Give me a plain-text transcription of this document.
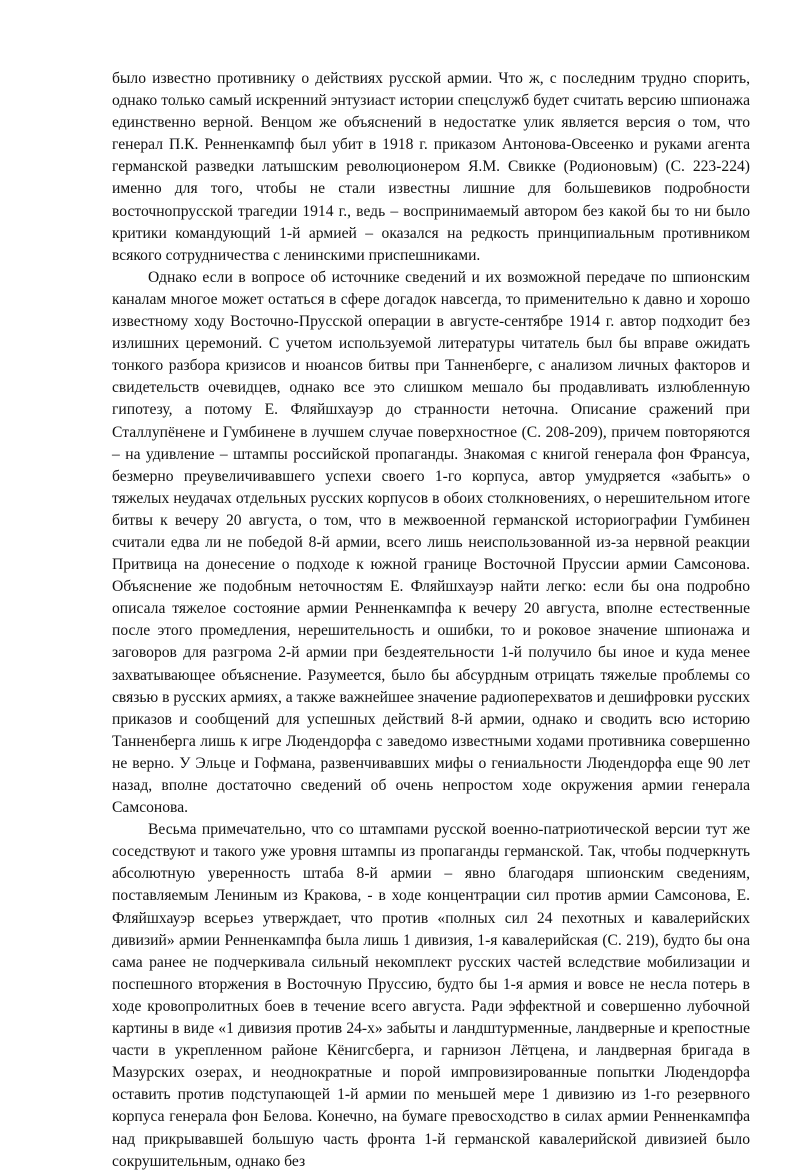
было известно противнику о действиях русской армии. Что ж, с последним трудно спорить, однако только самый искренний энтузиаст истории спецслужб будет считать версию шпионажа единственно верной. Венцом же объяснений в недостатке улик является версия о том, что генерал П.К. Ренненкампф был убит в 1918 г. приказом Антонова-Овсеенко и руками агента германской разведки латышским революционером Я.М. Свикке (Родионовым) (С. 223-224) именно для того, чтобы не стали известны лишние для большевиков подробности восточнопрусской трагедии 1914 г., ведь – воспринимаемый автором без какой бы то ни было критики командующий 1-й армией – оказался на редкость принципиальным противником всякого сотрудничества с ленинскими приспешниками.

Однако если в вопросе об источнике сведений и их возможной передаче по шпионским каналам многое может остаться в сфере догадок навсегда, то применительно к давно и хорошо известному ходу Восточно-Прусской операции в августе-сентябре 1914 г. автор подходит без излишних церемоний. С учетом используемой литературы читатель был бы вправе ожидать тонкого разбора кризисов и нюансов битвы при Танненберге, с анализом личных факторов и свидетельств очевидцев, однако все это слишком мешало бы продавливать излюбленную гипотезу, а потому Е. Фляйшхауэр до странности неточна. Описание сражений при Сталлупёнене и Гумбинене в лучшем случае поверхностное (С. 208-209), причем повторяются – на удивление – штампы российской пропаганды. Знакомая с книгой генерала фон Франсуа, безмерно преувеличивавшего успехи своего 1-го корпуса, автор умудряется «забыть» о тяжелых неудачах отдельных русских корпусов в обоих столкновениях, о нерешительном итоге битвы к вечеру 20 августа, о том, что в межвоенной германской историографии Гумбинен считали едва ли не победой 8-й армии, всего лишь неиспользованной из-за нервной реакции Притвица на донесение о подходе к южной границе Восточной Пруссии армии Самсонова. Объяснение же подобным неточностям Е. Фляйшхауэр найти легко: если бы она подробно описала тяжелое состояние армии Ренненкампфа к вечеру 20 августа, вполне естественные после этого промедления, нерешительность и ошибки, то и роковое значение шпионажа и заговоров для разгрома 2-й армии при бездеятельности 1-й получило бы иное и куда менее захватывающее объяснение. Разумеется, было бы абсурдным отрицать тяжелые проблемы со связью в русских армиях, а также важнейшее значение радиоперехватов и дешифровки русских приказов и сообщений для успешных действий 8-й армии, однако и сводить всю историю Танненберга лишь к игре Людендорфа с заведомо известными ходами противника совершенно не верно. У Эльце и Гофмана, развенчивавших мифы о гениальности Людендорфа еще 90 лет назад, вполне достаточно сведений об очень непростом ходе окружения армии генерала Самсонова.

Весьма примечательно, что со штампами русской военно-патриотической версии тут же соседствуют и такого уже уровня штампы из пропаганды германской. Так, чтобы подчеркнуть абсолютную уверенность штаба 8-й армии – явно благодаря шпионским сведениям, поставляемым Лениным из Кракова, - в ходе концентрации сил против армии Самсонова, Е. Фляйшхауэр всерьез утверждает, что против «полных сил 24 пехотных и кавалерийских дивизий» армии Ренненкампфа была лишь 1 дивизия, 1-я кавалерийская (С. 219), будто бы она сама ранее не подчеркивала сильный некомплект русских частей вследствие мобилизации и поспешного вторжения в Восточную Пруссию, будто бы 1-я армия и вовсе не несла потерь в ходе кровопролитных боев в течение всего августа. Ради эффектной и совершенно лубочной картины в виде «1 дивизия против 24-х» забыты и ландштурменные, ландверные и крепостные части в укрепленном районе Кёнигсберга, и гарнизон Лётцена, и ландверная бригада в Мазурских озерах, и неоднократные и порой импровизированные попытки Людендорфа оставить против подступающей 1-й армии по меньшей мере 1 дивизию из 1-го резервного корпуса генерала фон Белова. Конечно, на бумаге превосходство в силах армии Ренненкампфа над прикрывавшей большую часть фронта 1-й германской кавалерийской дивизией было сокрушительным, однако без
